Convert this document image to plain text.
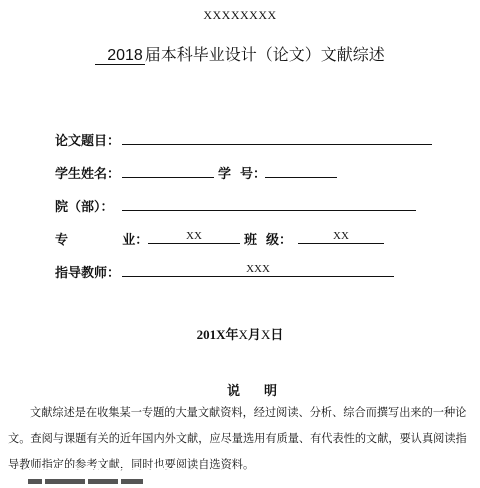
XXXXXXXX
2018 届本科毕业设计（论文）文献综述
论文题目：
学生姓名：	学  号：
院（部）：
专            业：	XX	班  级：	XX
指导教师：	XXX
201X年X月X日
说明
文献综述是在收集某一专题的大量文献资料，经过阅读、分析、综合而撰写出来的一种论文。查阅与课题有关的近年国内外文献，应尽量选用有质量、有代表性的文献，要认真阅读指导教师指定的参考文献，同时也要阅读自选资料。
